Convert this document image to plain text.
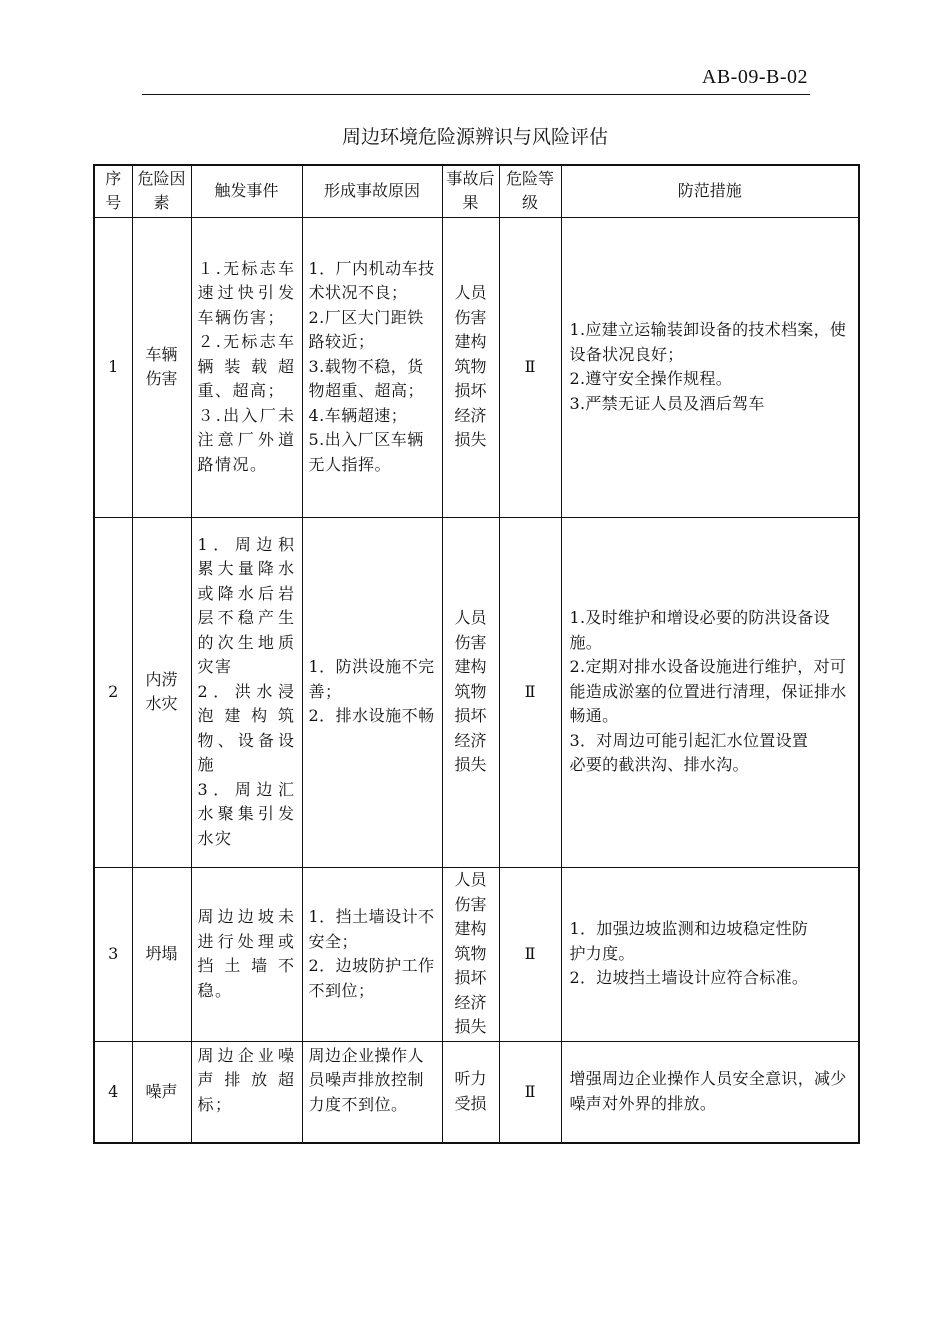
AB-09-B-02
周边环境危险源辨识与风险评估
序号	危险因素	触发事件	形成事故原因	事故后果	危险等级	防范措施
1	车辆伤害	１.无标志车速过快引发车辆伤害；
２.无标志车辆装载超重、超高；
３.出入厂未注意厂外道路情况。	1．厂内机动车技术状况不良；
2.厂区大门距铁路较近；
3.载物不稳，货物超重、超高；
4.车辆超速；
5.出入厂区车辆无人指挥。	人员伤害建构筑物损坏经济损失	Ⅱ	1.应建立运输装卸设备的技术档案，使设备状况良好；
2.遵守安全操作规程。
3.严禁无证人员及酒后驾车
2	内涝水灾	1．周边积累大量降水或降水后岩层不稳产生的次生地质灾害
2．洪水浸泡建构筑物、设备设施
3．周边汇水聚集引发水灾	1．防洪设施不完善；
2．排水设施不畅	人员伤害建构筑物损坏经济损失	Ⅱ	1.及时维护和增设必要的防洪设备设施。
2.定期对排水设备设施进行维护，对可能造成淤塞的位置进行清理，保证排水畅通。
3．对周边可能引起汇水位置设置
必要的截洪沟、排水沟。
3	坍塌	周边边坡未进行处理或挡土墙不稳。	1．挡土墙设计不安全；
2．边坡防护工作不到位；	人员伤害建构筑物损坏经济损失	Ⅱ	1．加强边坡监测和边坡稳定性防
护力度。
2．边坡挡土墙设计应符合标准。
4	噪声	周边企业噪声排放超标；	周边企业操作人员噪声排放控制力度不到位。	听力受损	Ⅱ	增强周边企业操作人员安全意识，减少噪声对外界的排放。
